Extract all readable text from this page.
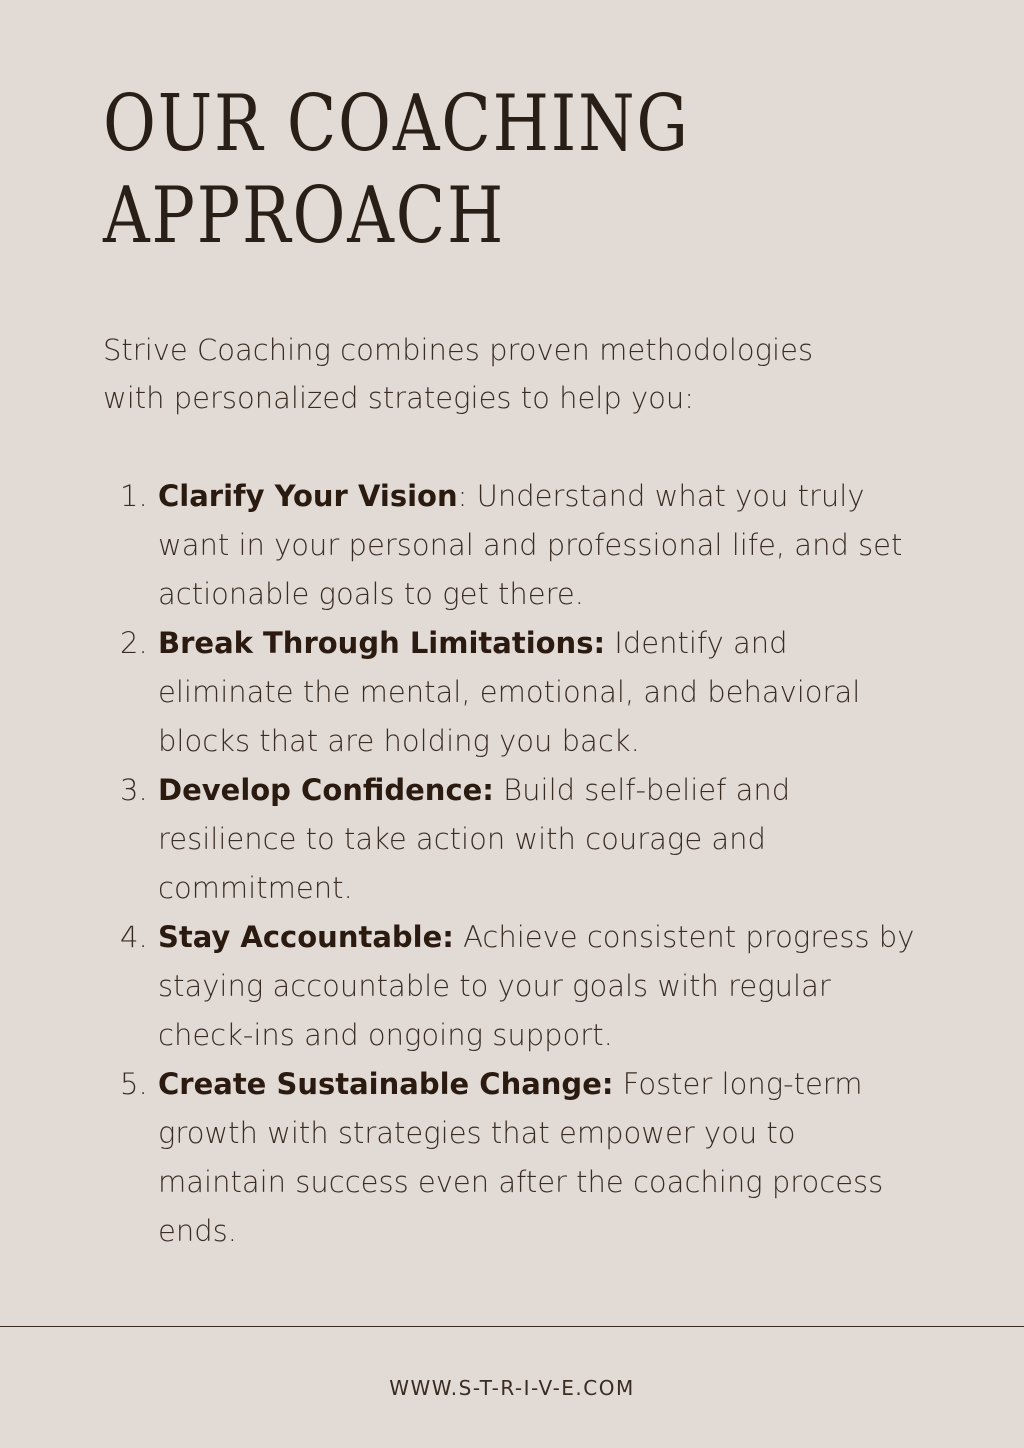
OUR COACHING
APPROACH

Strive Coaching combines proven methodologies
with personalized strategies to help you:

1. Clarify Your Vision: Understand what you truly want in your personal and professional life, and set actionable goals to get there.
2. Break Through Limitations: Identify and eliminate the mental, emotional, and behavioral blocks that are holding you back.
3. Develop Confidence: Build self-belief and resilience to take action with courage and commitment.
4. Stay Accountable: Achieve consistent progress by staying accountable to your goals with regular check-ins and ongoing support.
5. Create Sustainable Change: Foster long-term growth with strategies that empower you to maintain success even after the coaching process ends.
WWW.S-T-R-I-V-E.COM
